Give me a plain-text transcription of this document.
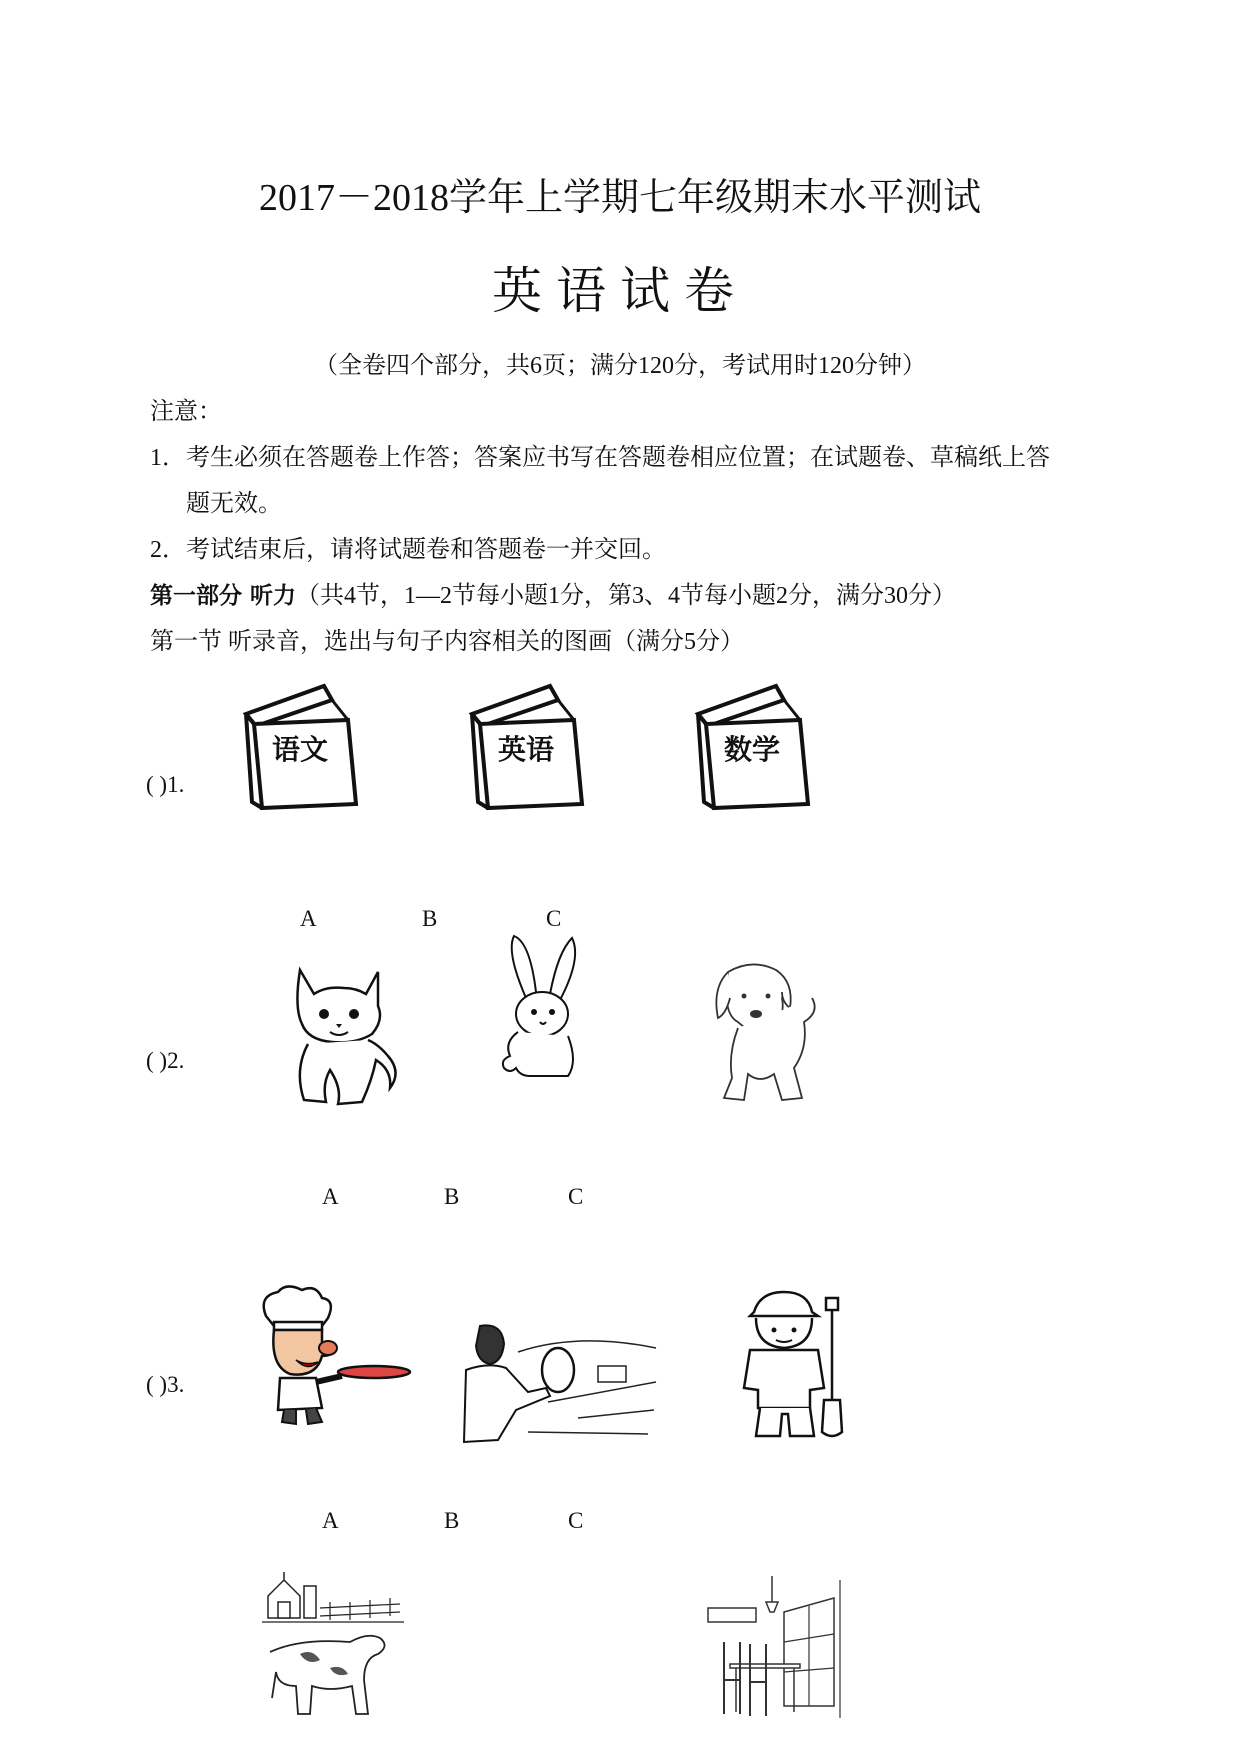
2017－2018学年上学期七年级期末水平测试
英语试卷
（全卷四个部分，共6页；满分120分，考试用时120分钟）
注意：
1．考生必须在答题卷上作答；答案应书写在答题卷相应位置；在试题卷、草稿纸上答
题无效。
2．考试结束后，请将试题卷和答题卷一并交回。
第一部分 听力（共4节，1—2节每小题1分，第3、4节每小题2分，满分30分）
第一节 听录音，选出与句子内容相关的图画（满分5分）
( )1.
语文	英语	数学
A	B	C
( )2.
A	B	C
( )3.
A	B	C
